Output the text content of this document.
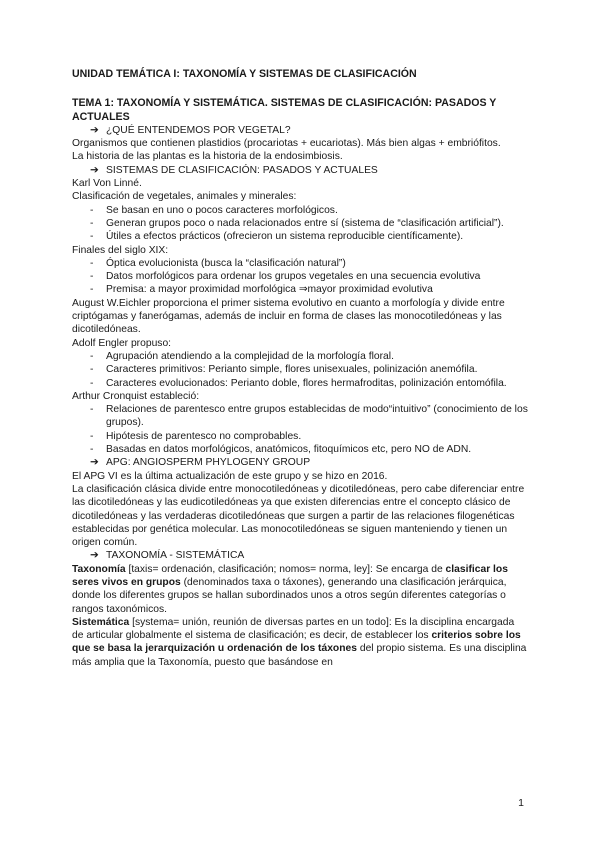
UNIDAD TEMÁTICA I: TAXONOMÍA Y SISTEMAS DE CLASIFICACIÓN
TEMA 1: TAXONOMÍA Y SISTEMÁTICA. SISTEMAS DE CLASIFICACIÓN: PASADOS Y ACTUALES
➔ ¿QUÉ ENTENDEMOS POR VEGETAL?

Organismos que contienen plastidios (procariotas + eucariotas). Más bien algas + embriófitos.

La historia de las plantas es la historia de la endosimbiosis.

➔ SISTEMAS DE CLASIFICACIÓN: PASADOS Y ACTUALES

Karl Von Linné.

Clasificación de vegetales, animales y minerales:

- Se basan en uno o pocos caracteres morfológicos.
- Generan grupos poco o nada relacionados entre sí (sistema de “clasificación artificial”).
- Útiles a efectos prácticos (ofrecieron un sistema reproducible científicamente).

Finales del siglo XIX:

- Óptica evolucionista (busca la “clasificación natural”)
- Datos morfológicos para ordenar los grupos vegetales en una secuencia evolutiva
- Premisa: a mayor proximidad morfológica ⇒mayor proximidad evolutiva

August W.Eichler proporciona el primer sistema evolutivo en cuanto a morfología y divide entre criptógamas y fanerógamas, además de incluir en forma de clases las monocotiledóneas y las dicotiledóneas.

Adolf Engler propuso:

- Agrupación atendiendo a la complejidad de la morfología floral.
- Caracteres primitivos: Perianto simple, flores unisexuales, polinización anemófila.
- Caracteres evolucionados: Perianto doble, flores hermafroditas, polinización entomófila.

Arthur Cronquist estableció:

- Relaciones de parentesco entre grupos establecidas de modo“intuitivo” (conocimiento de los grupos).
- Hipótesis de parentesco no comprobables.
- Basadas en datos morfológicos, anatómicos, fitoquímicos etc, pero NO de ADN.
➔ APG: ANGIOSPERM PHYLOGENY GROUP

El APG VI es la última actualización de este grupo y se hizo en 2016.

La clasificación clásica divide entre monocotiledóneas y dicotiledóneas, pero cabe diferenciar entre las dicotiledóneas y las eudicotiledóneas ya que existen diferencias entre el concepto clásico de dicotiledóneas y las verdaderas dicotiledóneas que surgen a partir de las relaciones filogenéticas establecidas por genética molecular. Las monocotiledóneas se siguen manteniendo y tienen un origen común.

➔ TAXONOMÍA - SISTEMÁTICA

Taxonomía [taxis= ordenación, clasificación; nomos= norma, ley]: Se encarga de clasificar los seres vivos en grupos (denominados taxa o táxones), generando una clasificación jerárquica, donde los diferentes grupos se hallan subordinados unos a otros según diferentes categorías o rangos taxonómicos.

Sistemática [systema= unión, reunión de diversas partes en un todo]: Es la disciplina encargada de articular globalmente el sistema de clasificación; es decir, de establecer los criterios sobre los que se basa la jerarquización u ordenación de los táxones del propio sistema. Es una disciplina más amplia que la Taxonomía, puesto que basándose en

1
